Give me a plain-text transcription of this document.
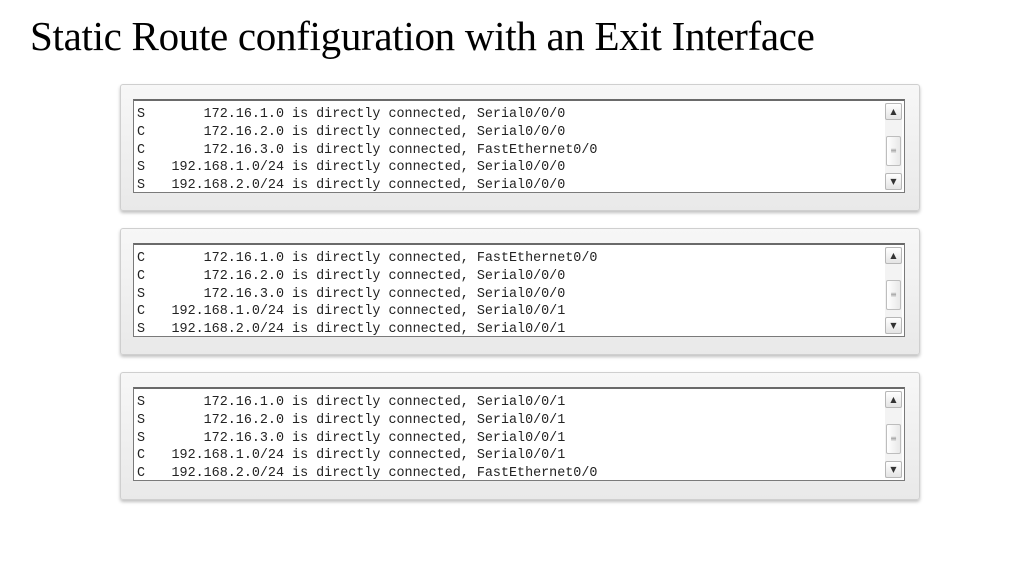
Static Route configuration with an Exit Interface
S	172.16.1.0 is directly connected, Serial0/0/0
C	172.16.2.0 is directly connected, Serial0/0/0
C	172.16.3.0 is directly connected, FastEthernet0/0
S 192.168.1.0/24 is directly connected, Serial0/0/0
S 192.168.2.0/24 is directly connected, Serial0/0/0
▲
≡
▼
C	172.16.1.0 is directly connected, FastEthernet0/0
C	172.16.2.0 is directly connected, Serial0/0/0
S	172.16.3.0 is directly connected, Serial0/0/0
C 192.168.1.0/24 is directly connected, Serial0/0/1
S 192.168.2.0/24 is directly connected, Serial0/0/1
▲
≡
▼
S	172.16.1.0 is directly connected, Serial0/0/1
S	172.16.2.0 is directly connected, Serial0/0/1
S	172.16.3.0 is directly connected, Serial0/0/1
C 192.168.1.0/24 is directly connected, Serial0/0/1
C 192.168.2.0/24 is directly connected, FastEthernet0/0
▲
≡
▼
